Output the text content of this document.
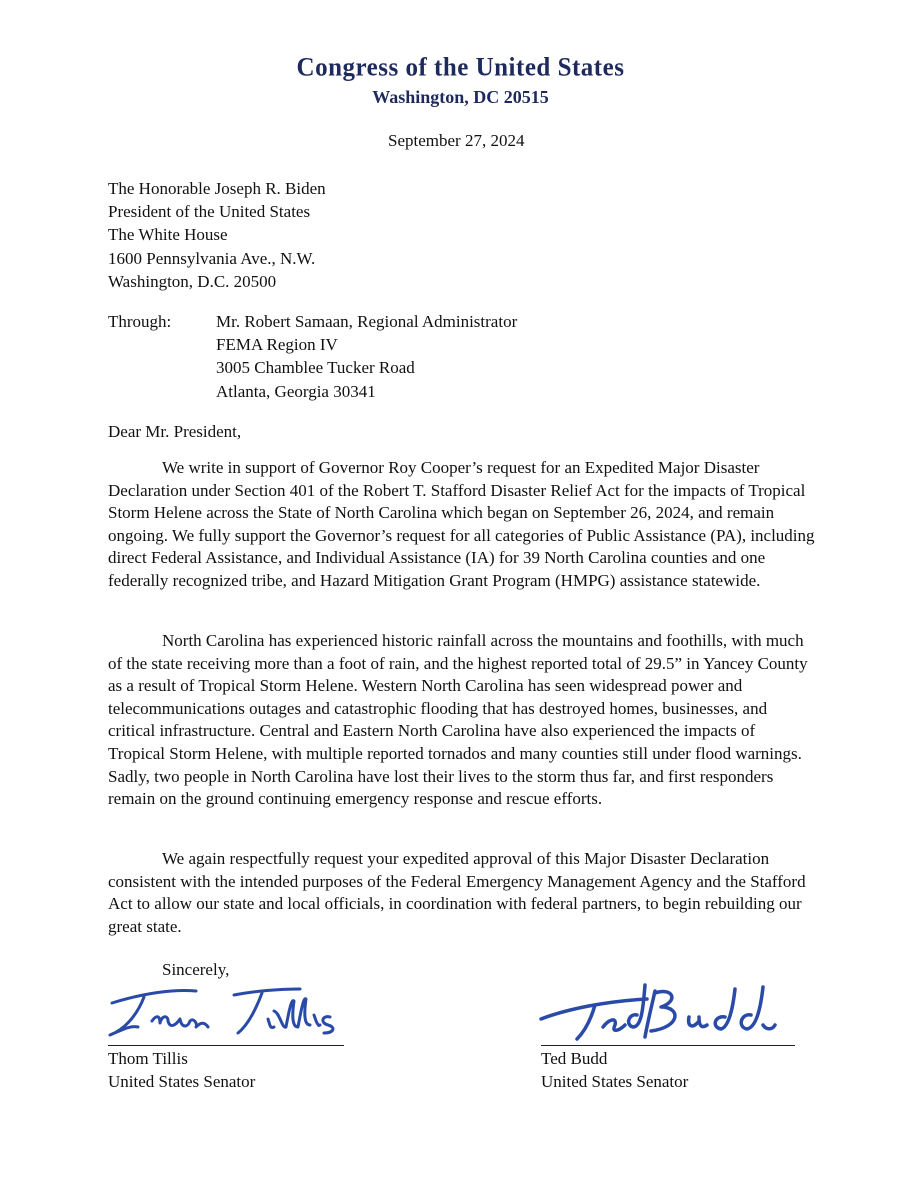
Congress of the United States
Washington, DC 20515
September 27, 2024
The Honorable Joseph R. Biden
President of the United States
The White House
1600 Pennsylvania Ave., N.W.
Washington, D.C. 20500
Through:	Mr. Robert Samaan, Regional Administrator
FEMA Region IV
3005 Chamblee Tucker Road
Atlanta, Georgia 30341
Dear Mr. President,
We write in support of Governor Roy Cooper’s request for an Expedited Major Disaster Declaration under Section 401 of the Robert T. Stafford Disaster Relief Act for the impacts of Tropical Storm Helene across the State of North Carolina which began on September 26, 2024, and remain ongoing. We fully support the Governor’s request for all categories of Public Assistance (PA), including direct Federal Assistance, and Individual Assistance (IA) for 39 North Carolina counties and one federally recognized tribe, and Hazard Mitigation Grant Program (HMPG) assistance statewide.
North Carolina has experienced historic rainfall across the mountains and foothills, with much of the state receiving more than a foot of rain, and the highest reported total of 29.5” in Yancey County as a result of Tropical Storm Helene. Western North Carolina has seen widespread power and telecommunications outages and catastrophic flooding that has destroyed homes, businesses, and critical infrastructure. Central and Eastern North Carolina have also experienced the impacts of Tropical Storm Helene, with multiple reported tornados and many counties still under flood warnings. Sadly, two people in North Carolina have lost their lives to the storm thus far, and first responders remain on the ground continuing emergency response and rescue efforts.
We again respectfully request your expedited approval of this Major Disaster Declaration consistent with the intended purposes of the Federal Emergency Management Agency and the Stafford Act to allow our state and local officials, in coordination with federal partners, to begin rebuilding our great state.
Sincerely,
Thom Tillis
United States Senator
Ted Budd
United States Senator
